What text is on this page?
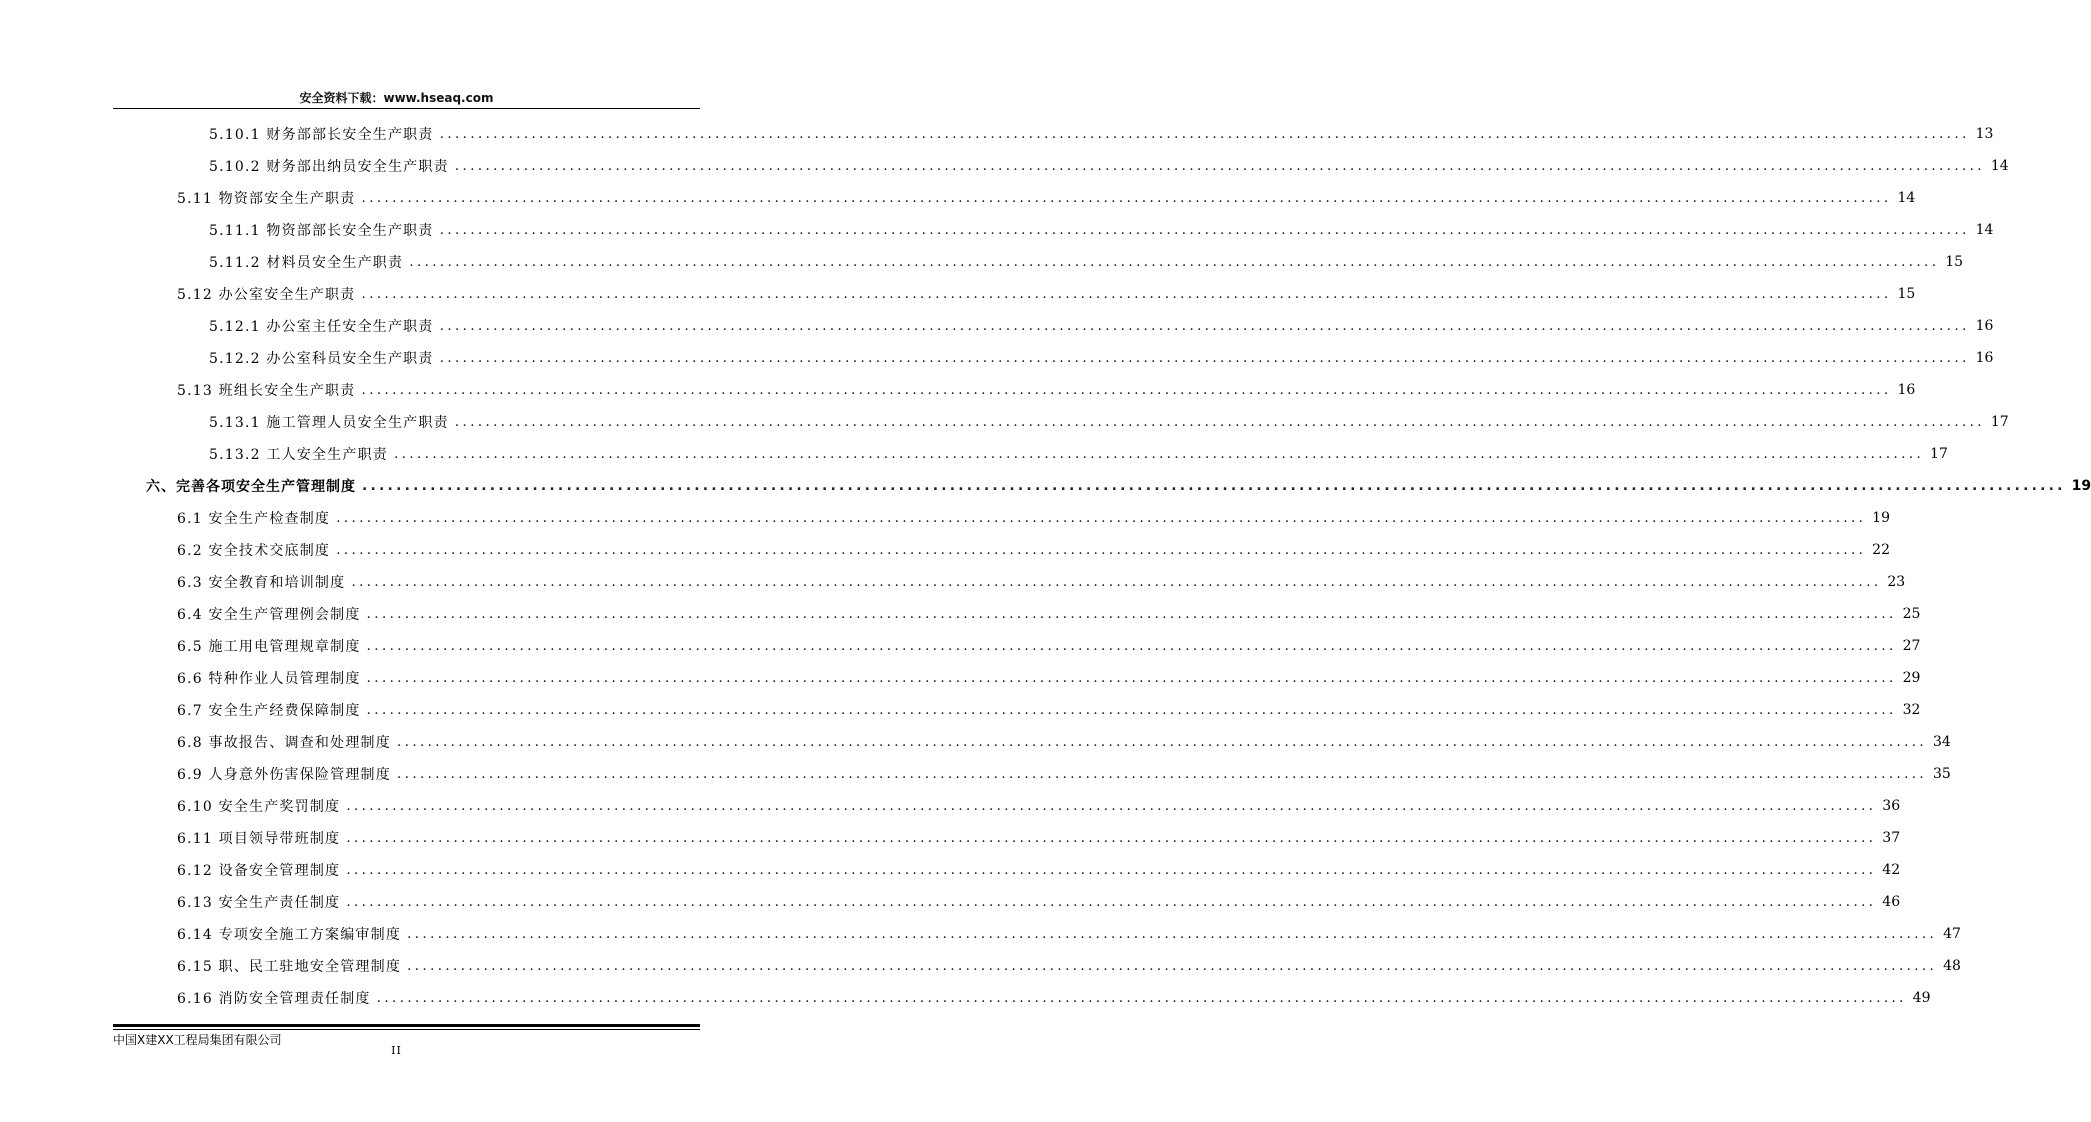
安全资料下载：www.hseaq.com
5.10.1 财务部部长安全生产职责 ........................................................................................................................................................................................................ 13
5.10.2 财务部出纳员安全生产职责 ........................................................................................................................................................................................................ 14
5.11 物资部安全生产职责 ........................................................................................................................................................................................................ 14
5.11.1 物资部部长安全生产职责 ........................................................................................................................................................................................................ 14
5.11.2 材料员安全生产职责 ........................................................................................................................................................................................................ 15
5.12 办公室安全生产职责 ........................................................................................................................................................................................................ 15
5.12.1 办公室主任安全生产职责 ........................................................................................................................................................................................................ 16
5.12.2 办公室科员安全生产职责 ........................................................................................................................................................................................................ 16
5.13 班组长安全生产职责 ........................................................................................................................................................................................................ 16
5.13.1 施工管理人员安全生产职责 ........................................................................................................................................................................................................ 17
5.13.2 工人安全生产职责 ........................................................................................................................................................................................................ 17
六、完善各项安全生产管理制度 ........................................................................................................................................................................................................ 19
6.1 安全生产检查制度 ........................................................................................................................................................................................................ 19
6.2 安全技术交底制度 ........................................................................................................................................................................................................ 22
6.3 安全教育和培训制度 ........................................................................................................................................................................................................ 23
6.4 安全生产管理例会制度 ........................................................................................................................................................................................................ 25
6.5 施工用电管理规章制度 ........................................................................................................................................................................................................ 27
6.6 特种作业人员管理制度 ........................................................................................................................................................................................................ 29
6.7 安全生产经费保障制度 ........................................................................................................................................................................................................ 32
6.8 事故报告、调查和处理制度 ........................................................................................................................................................................................................ 34
6.9 人身意外伤害保险管理制度 ........................................................................................................................................................................................................ 35
6.10 安全生产奖罚制度 ........................................................................................................................................................................................................ 36
6.11 项目领导带班制度 ........................................................................................................................................................................................................ 37
6.12 设备安全管理制度 ........................................................................................................................................................................................................ 42
6.13 安全生产责任制度 ........................................................................................................................................................................................................ 46
6.14 专项安全施工方案编审制度 ........................................................................................................................................................................................................ 47
6.15 职、民工驻地安全管理制度 ........................................................................................................................................................................................................ 48
6.16 消防安全管理责任制度 ........................................................................................................................................................................................................ 49
中国X建XX工程局集团有限公司
II
